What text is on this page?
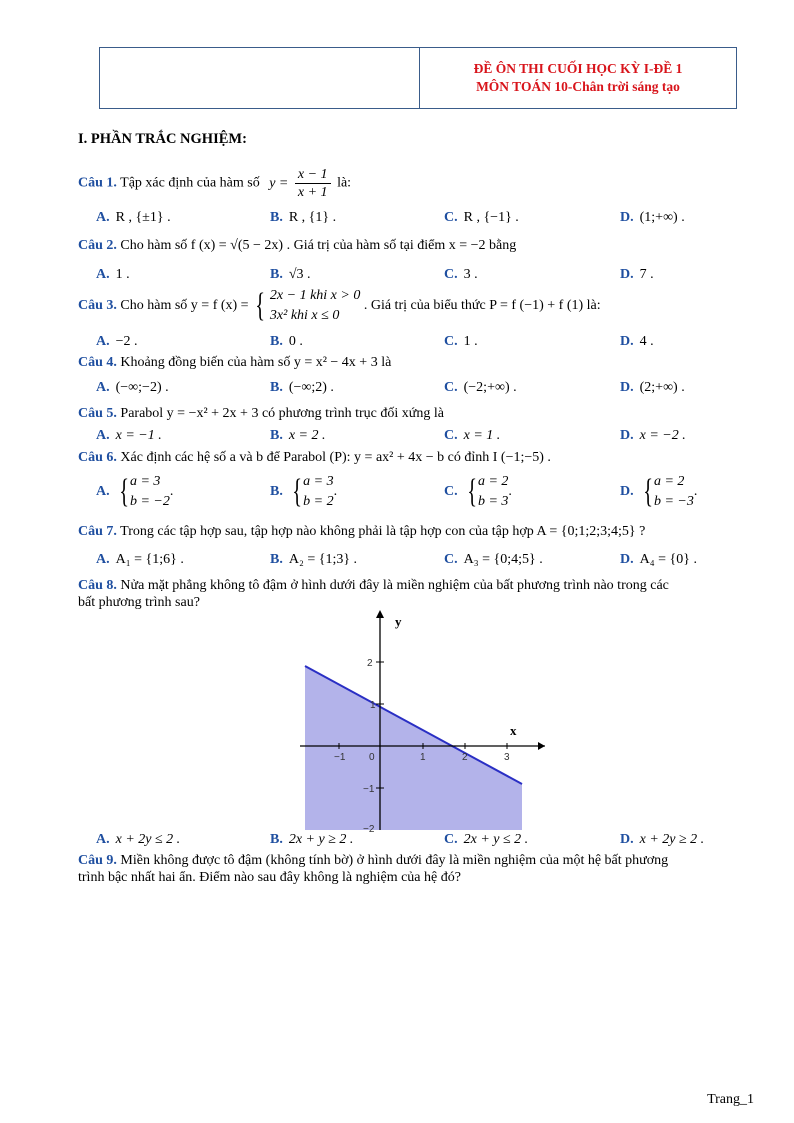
ĐỀ ÔN THI CUỐI HỌC KỲ I-ĐỀ 1
MÔN TOÁN 10-Chân trời sáng tạo
I. PHẦN TRẮC NGHIỆM:
Câu 1. Tập xác định của hàm số $y = \frac{x - 1}{x + 1}$ là:
A. R , {±1} .	B. R , {1} .	C. R , {−1} .	D. (1;+∞) .
Câu 2. Cho hàm số f (x) = √(5 − 2x) . Giá trị của hàm số tại điểm x = −2 bằng
A. 1 .	B. √3 .	C. 3 .	D. 7 .
Câu 3. Cho hàm số y = f (x) = { 2x − 1 khi x > 0
3x² khi x ≤ 0
. Giá trị của biểu thức P = f (−1) + f (1) là:
A. −2 .	B. 0 .	C. 1 .	D. 4 .
Câu 4. Khoảng đồng biến của hàm số y = x² − 4x + 3 là
A. (−∞;−2) .	B. (−∞;2) .	C. (−2;+∞) .	D. (2;+∞) .
Câu 5. Parabol y = −x² + 2x + 3 có phương trình trục đối xứng là
A. x = −1 .	B. x = 2 .	C. x = 1 .	D. x = −2 .
Câu 6. Xác định các hệ số a và b để Parabol (P): y = ax² + 4x − b có đỉnh I (−1;−5) .
A. { a = 3
b = −2
.	B. { a = 3
b = 2
.	C. { a = 2
b = 3
.	D. { a = 2
b = −3
.
Câu 7. Trong các tập hợp sau, tập hợp nào không phải là tập hợp con của tập hợp A = {0;1;2;3;4;5} ?
A. A₁ = {1;6} .	B. A₂ = {1;3} .	C. A₃ = {0;4;5} .	D. A₄ = {0} .
Câu 8. Nửa mặt phẳng không tô đậm ở hình dưới đây là miền nghiệm của bất phương trình nào trong các
bất phương trình sau?
y
x
−1 0	1	2	3
2
1
−1
−2
A. x + 2y ≤ 2 .	B. 2x + y ≥ 2 .	C. 2x + y ≤ 2 .	D. x + 2y ≥ 2 .
Câu 9. Miền không được tô đậm (không tính bờ) ở hình dưới đây là miền nghiệm của một hệ bất phương
trình bậc nhất hai ẩn. Điểm nào sau đây không là nghiệm của hệ đó?
Trang_1
